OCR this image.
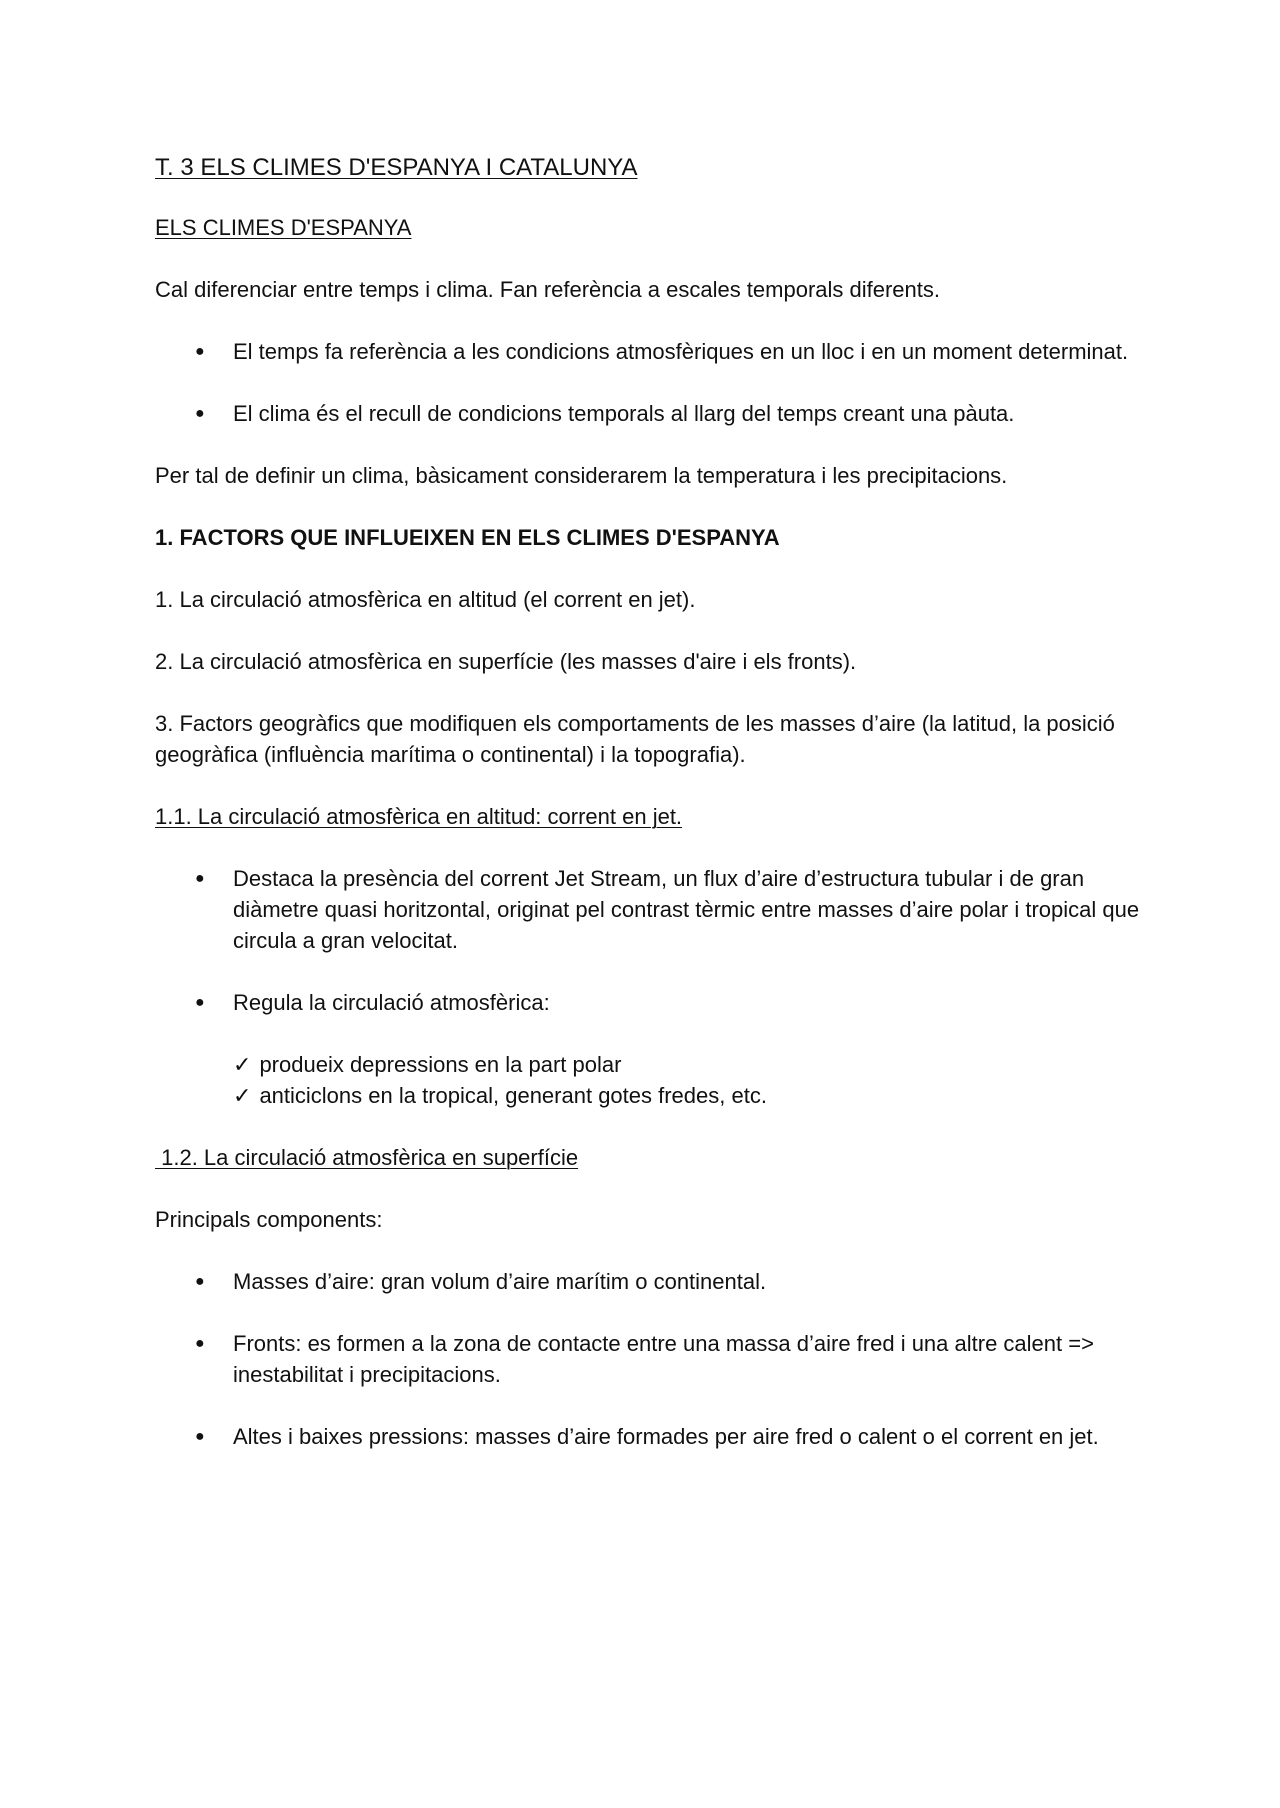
T. 3 ELS CLIMES D'ESPANYA I CATALUNYA
ELS CLIMES D'ESPANYA

Cal diferenciar entre temps i clima. Fan referència a escales temporals diferents.

● El temps fa referència a les condicions atmosfèriques en un lloc i en un moment determinat.
● El clima és el recull de condicions temporals al llarg del temps creant una pàuta.

Per tal de definir un clima, bàsicament considerarem la temperatura i les precipitacions.

1. FACTORS QUE INFLUEIXEN EN ELS CLIMES D'ESPANYA

1. La circulació atmosfèrica en altitud (el corrent en jet).

2. La circulació atmosfèrica en superfície (les masses d'aire i els fronts).

3. Factors geogràfics que modifiquen els comportaments de les masses d’aire (la latitud, la posició geogràfica (influència marítima o continental) i la topografia).

1.1. La circulació atmosfèrica en altitud: corrent en jet.

● Destaca la presència del corrent Jet Stream, un flux d’aire d’estructura tubular i de gran diàmetre quasi horitzontal, originat pel contrast tèrmic entre masses d’aire polar i tropical que circula a gran velocitat.
● Regula la circulació atmosfèrica:
✓ produeix depressions en la part polar
✓ anticiclons en la tropical, generant gotes fredes, etc.

1.2. La circulació atmosfèrica en superfície

Principals components:

● Masses d’aire: gran volum d’aire marítim o continental.
● Fronts: es formen a la zona de contacte entre una massa d’aire fred i una altre calent => inestabilitat i precipitacions.
● Altes i baixes pressions: masses d’aire formades per aire fred o calent o el corrent en jet.
